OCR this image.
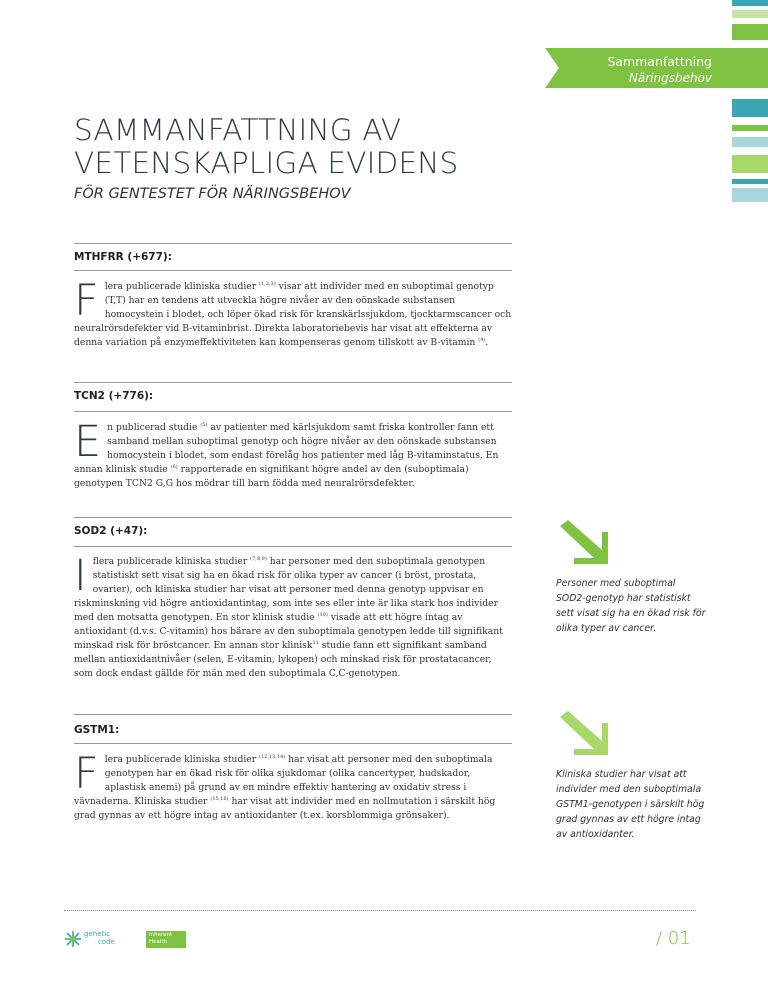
Sammanfattning
Näringsbehov
SAMMANFATTNING AV
VETENSKAPLIGA EVIDENS
FÖR GENTESTET FÖR NÄRINGSBEHOV
MTHFRR (+677):

Flera publicerade kliniska studier $^{(1,2,3)}$ visar att individer med en suboptimal genotyp (T,T) har en tendens att utveckla högre nivåer av den oönskade substansen homocystein i blodet, och löper ökad risk för kranskärlssjukdom, tjocktarmscancer och neuralrörsdefekter vid B-vitaminbrist. Direkta laboratoriebevis har visat att effekterna av denna variation på enzymeffektiviteten kan kompenseras genom tillskott av B-vitamin $^{(4)}$.

TCN2 (+776):

En publicerad studie $^{(5)}$ av patienter med kärlsjukdom samt friska kontroller fann ett samband mellan suboptimal genotyp och högre nivåer av den oönskade substansen homocystein i blodet, som endast förelåg hos patienter med låg B-vitaminstatus. En annan klinisk studie $^{(6)}$ rapporterade en signifikant högre andel av den (suboptimala) genotypen TCN2 G,G hos mödrar till barn födda med neuralrörsdefekter.

SOD2 (+47):

I flera publicerade kliniska studier $^{(7,8,9)}$ har personer med den suboptimala genotypen statistiskt sett visat sig ha en ökad risk för olika typer av cancer (i bröst, prostata, ovarier), och kliniska studier har visat att personer med denna genotyp uppvisar en riskminskning vid högre antioxidantintag, som inte ses eller inte är lika stark hos individer med den motsatta genotypen. En stor klinisk studie $^{(10)}$ visade att ett högre intag av antioxidant (d.v.s. C-vitamin) hos bärare av den suboptimala genotypen ledde till signifikant minskad risk för bröstcancer. En annan stor klinisk$^{11}$ studie fann ett signifikant samband mellan antioxidantnivåer (selen, E-vitamin, lykopen) och minskad risk för prostatacancer, som dock endast gällde för män med den suboptimala C,C-genotypen.

GSTM1:

Flera publicerade kliniska studier $^{(12,13,14)}$ har visat att personer med den suboptimala genotypen har en ökad risk för olika sjukdomar (olika cancertyper, hudskador, aplastisk anemi) på grund av en mindre effektiv hantering av oxidativ stress i vävnaderna. Kliniska studier $^{(15,16)}$ har visat att individer med en nollmutation i särskilt hög grad gynnas av ett högre intag av antioxidanter (t.ex. korsblommiga grönsaker).

Personer med suboptimal SOD2-genotyp har statistiskt sett visat sig ha en ökad risk för olika typer av cancer.
Kliniska studier har visat att individer med den suboptimala GSTM1-genotypen i särskilt hög grad gynnas av ett högre intag av antioxidanter.
genetic
code
Inherent
Health	/ 01
